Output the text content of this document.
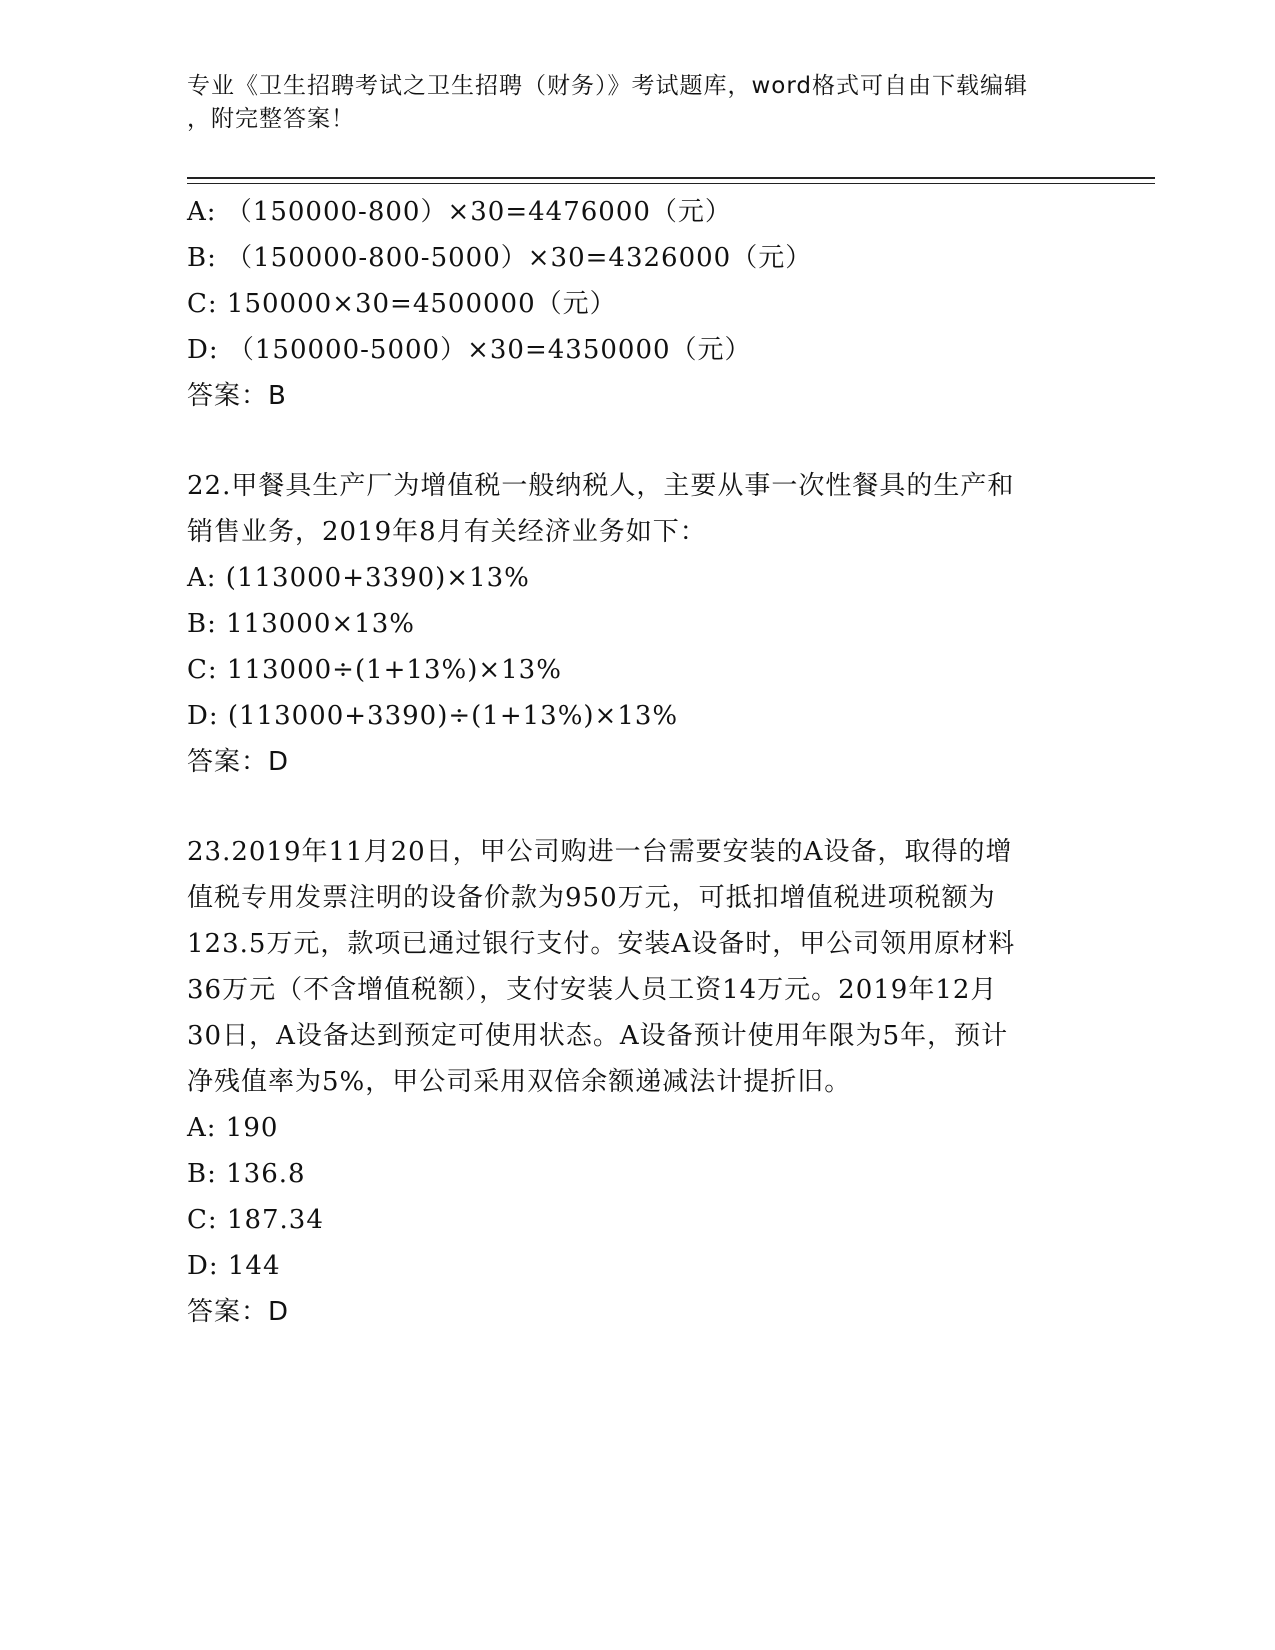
专业《卫生招聘考试之卫生招聘（财务）》考试题库，word格式可自由下载编辑
，附完整答案！
A: （150000-800）×30=4476000（元）
B: （150000-800-5000）×30=4326000（元）
C: 150000×30=4500000（元）
D: （150000-5000）×30=4350000（元）
答案：B
22.甲餐具生产厂为增值税一般纳税人，主要从事一次性餐具的生产和
销售业务，2019年8月有关经济业务如下：
A: (113000+3390)×13%
B: 113000×13%
C: 113000÷(1+13%)×13%
D: (113000+3390)÷(1+13%)×13%
答案：D
23.2019年11月20日，甲公司购进一台需要安装的A设备，取得的增
值税专用发票注明的设备价款为950万元，可抵扣增值税进项税额为
123.5万元，款项已通过银行支付。安装A设备时，甲公司领用原材料
36万元（不含增值税额），支付安装人员工资14万元。2019年12月
30日，A设备达到预定可使用状态。A设备预计使用年限为5年，预计
净残值率为5%，甲公司采用双倍余额递减法计提折旧。
A: 190
B: 136.8
C: 187.34
D: 144
答案：D
